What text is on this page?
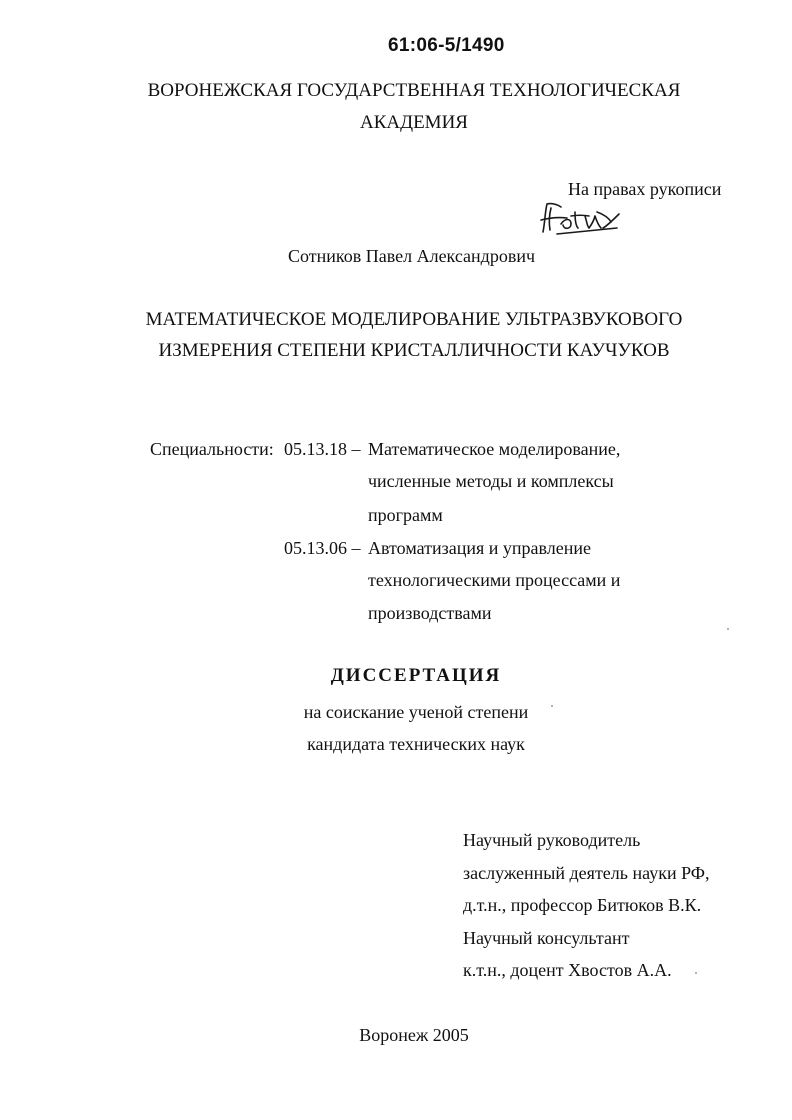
61:06-5/1490
ВОРОНЕЖСКАЯ ГОСУДАРСТВЕННАЯ ТЕХНОЛОГИЧЕСКАЯ
АКАДЕМИЯ
На правах рукописи
Сотников Павел Александрович
МАТЕМАТИЧЕСКОЕ МОДЕЛИРОВАНИЕ УЛЬТРАЗВУКОВОГО
ИЗМЕРЕНИЯ СТЕПЕНИ КРИСТАЛЛИЧНОСТИ КАУЧУКОВ
Специальности: 05.13.18 – Математическое моделирование,
численные методы и комплексы
программ
05.13.06 – Автоматизация и управление
технологическими процессами и
производствами
ДИССЕРТАЦИЯ
на соискание ученой степени
кандидата технических наук
Научный руководитель
заслуженный деятель науки РФ,
д.т.н., профессор Битюков В.К.
Научный консультант
к.т.н., доцент Хвостов А.А.
Воронеж 2005
